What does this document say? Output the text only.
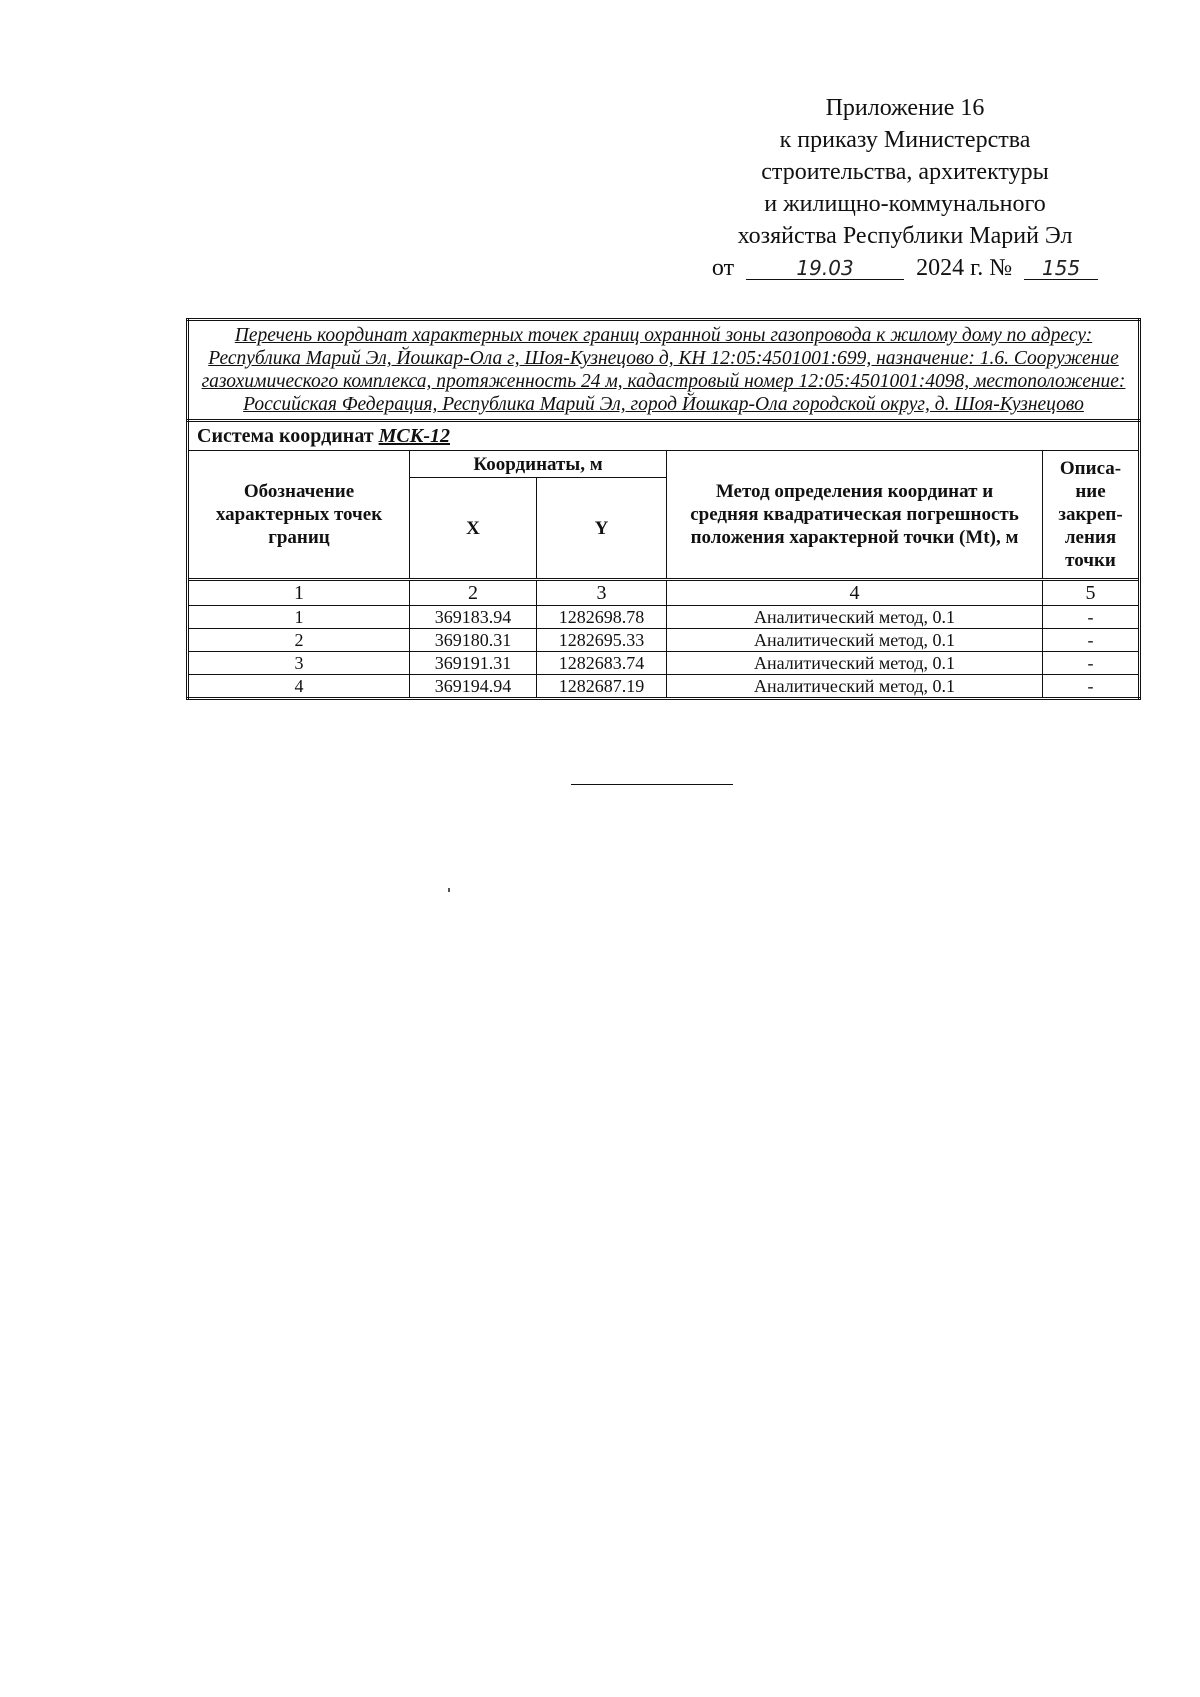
Приложение 16
к приказу Министерства
строительства, архитектуры
и жилищно-коммунального
хозяйства Республики Марий Эл
от	19.03	2024 г. № 155
Перечень координат характерных точек границ охранной зоны газопровода к жилому дому по адресу: Республика Марий Эл, Йошкар-Ола г, Шоя-Кузнецово д, КН 12:05:4501001:699, назначение: 1.6. Сооружение газохимического комплекса, протяженность 24 м, кадастровый номер 12:05:4501001:4098, местоположение: Российская Федерация, Республика Марий Эл, город Йошкар-Ола городской округ, д. Шоя-Кузнецово				
Система координат МСК-12				
Обозначение характерных точек границ	Координаты, м		Метод определения координат и средняя квадратическая погрешность положения характерной точки (Mt), м	Описа- ние закреп- ления точки
	X	Y		
1	2	3	4	5
1	369183.94	1282698.78	Аналитический метод, 0.1	-
2	369180.31	1282695.33	Аналитический метод, 0.1	-
3	369191.31	1282683.74	Аналитический метод, 0.1	-
4	369194.94	1282687.19	Аналитический метод, 0.1	-
